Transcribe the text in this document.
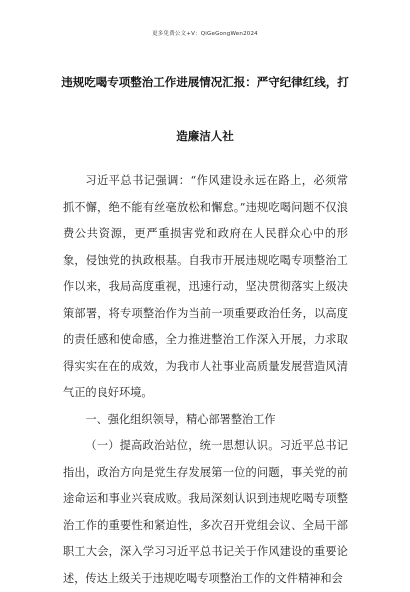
更多免费公文+V：QiGeGongWen2024
违规吃喝专项整治工作进展情况汇报：严守纪律红线，打
造廉洁人社

习近平总书记强调：“作风建设永远在路上，必须常抓不懈，绝不能有丝毫放松和懈怠。”违规吃喝问题不仅浪费公共资源，更严重损害党和政府在人民群众心中的形象，侵蚀党的执政根基。自我市开展违规吃喝专项整治工作以来，我局高度重视，迅速行动，坚决贯彻落实上级决策部署，将专项整治作为当前一项重要政治任务，以高度的责任感和使命感，全力推进整治工作深入开展，力求取得实实在在的成效，为我市人社事业高质量发展营造风清气正的良好环境。

一、强化组织领导，精心部署整治工作

（一）提高政治站位，统一思想认识。习近平总书记指出，政治方向是党生存发展第一位的问题，事关党的前途命运和事业兴衰成败。我局深刻认识到违规吃喝专项整治工作的重要性和紧迫性，多次召开党组会议、全局干部职工大会，深入学习习近平总书记关于作风建设的重要论述，传达上级关于违规吃喝专项整治工作的文件精神和会
